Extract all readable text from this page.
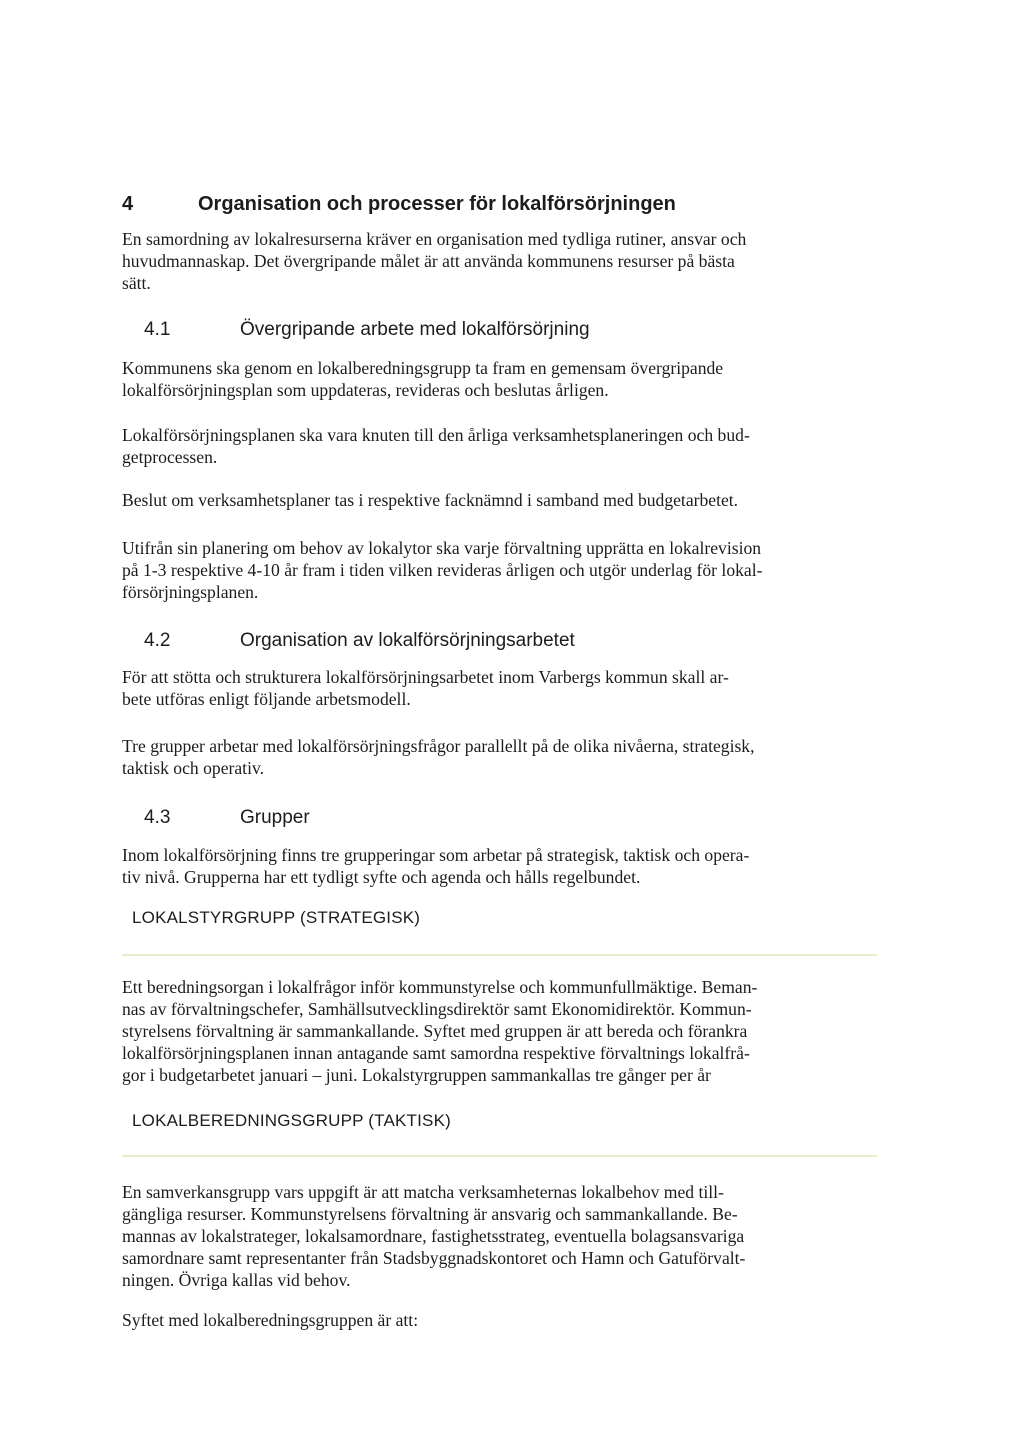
4	Organisation och processer för lokalförsörjningen
En samordning av lokalresurserna kräver en organisation med tydliga rutiner, ansvar och
huvudmannaskap. Det övergripande målet är att använda kommunens resurser på bästa
sätt.
4.1	Övergripande arbete med lokalförsörjning
Kommunens ska genom en lokalberedningsgrupp ta fram en gemensam övergripande
lokalförsörjningsplan som uppdateras, revideras och beslutas årligen.
Lokalförsörjningsplanen ska vara knuten till den årliga verksamhetsplaneringen och bud-
getprocessen.
Beslut om verksamhetsplaner tas i respektive facknämnd i samband med budgetarbetet.
Utifrån sin planering om behov av lokalytor ska varje förvaltning upprätta en lokalrevision
på 1-3 respektive 4-10 år fram i tiden vilken revideras årligen och utgör underlag för lokal-
försörjningsplanen.
4.2	Organisation av lokalförsörjningsarbetet
För att stötta och strukturera lokalförsörjningsarbetet inom Varbergs kommun skall ar-
bete utföras enligt följande arbetsmodell.
Tre grupper arbetar med lokalförsörjningsfrågor parallellt på de olika nivåerna, strategisk,
taktisk och operativ.
4.3	Grupper
Inom lokalförsörjning finns tre grupperingar som arbetar på strategisk, taktisk och opera-
tiv nivå. Grupperna har ett tydligt syfte och agenda och hålls regelbundet.
LOKALSTYRGRUPP (STRATEGISK)
Ett beredningsorgan i lokalfrågor inför kommunstyrelse och kommunfullmäktige. Beman-
nas av förvaltningschefer, Samhällsutvecklingsdirektör samt Ekonomidirektör. Kommun-
styrelsens förvaltning är sammankallande. Syftet med gruppen är att bereda och förankra
lokalförsörjningsplanen innan antagande samt samordna respektive förvaltnings lokalfrå-
gor i budgetarbetet januari – juni. Lokalstyrgruppen sammankallas tre gånger per år
LOKALBEREDNINGSGRUPP (TAKTISK)
En samverkansgrupp vars uppgift är att matcha verksamheternas lokalbehov med till-
gängliga resurser. Kommunstyrelsens förvaltning är ansvarig och sammankallande. Be-
mannas av lokalstrateger, lokalsamordnare, fastighetsstrateg, eventuella bolagsansvariga
samordnare samt representanter från Stadsbyggnadskontoret och Hamn och Gatuförvalt-
ningen. Övriga kallas vid behov.
Syftet med lokalberedningsgruppen är att:
